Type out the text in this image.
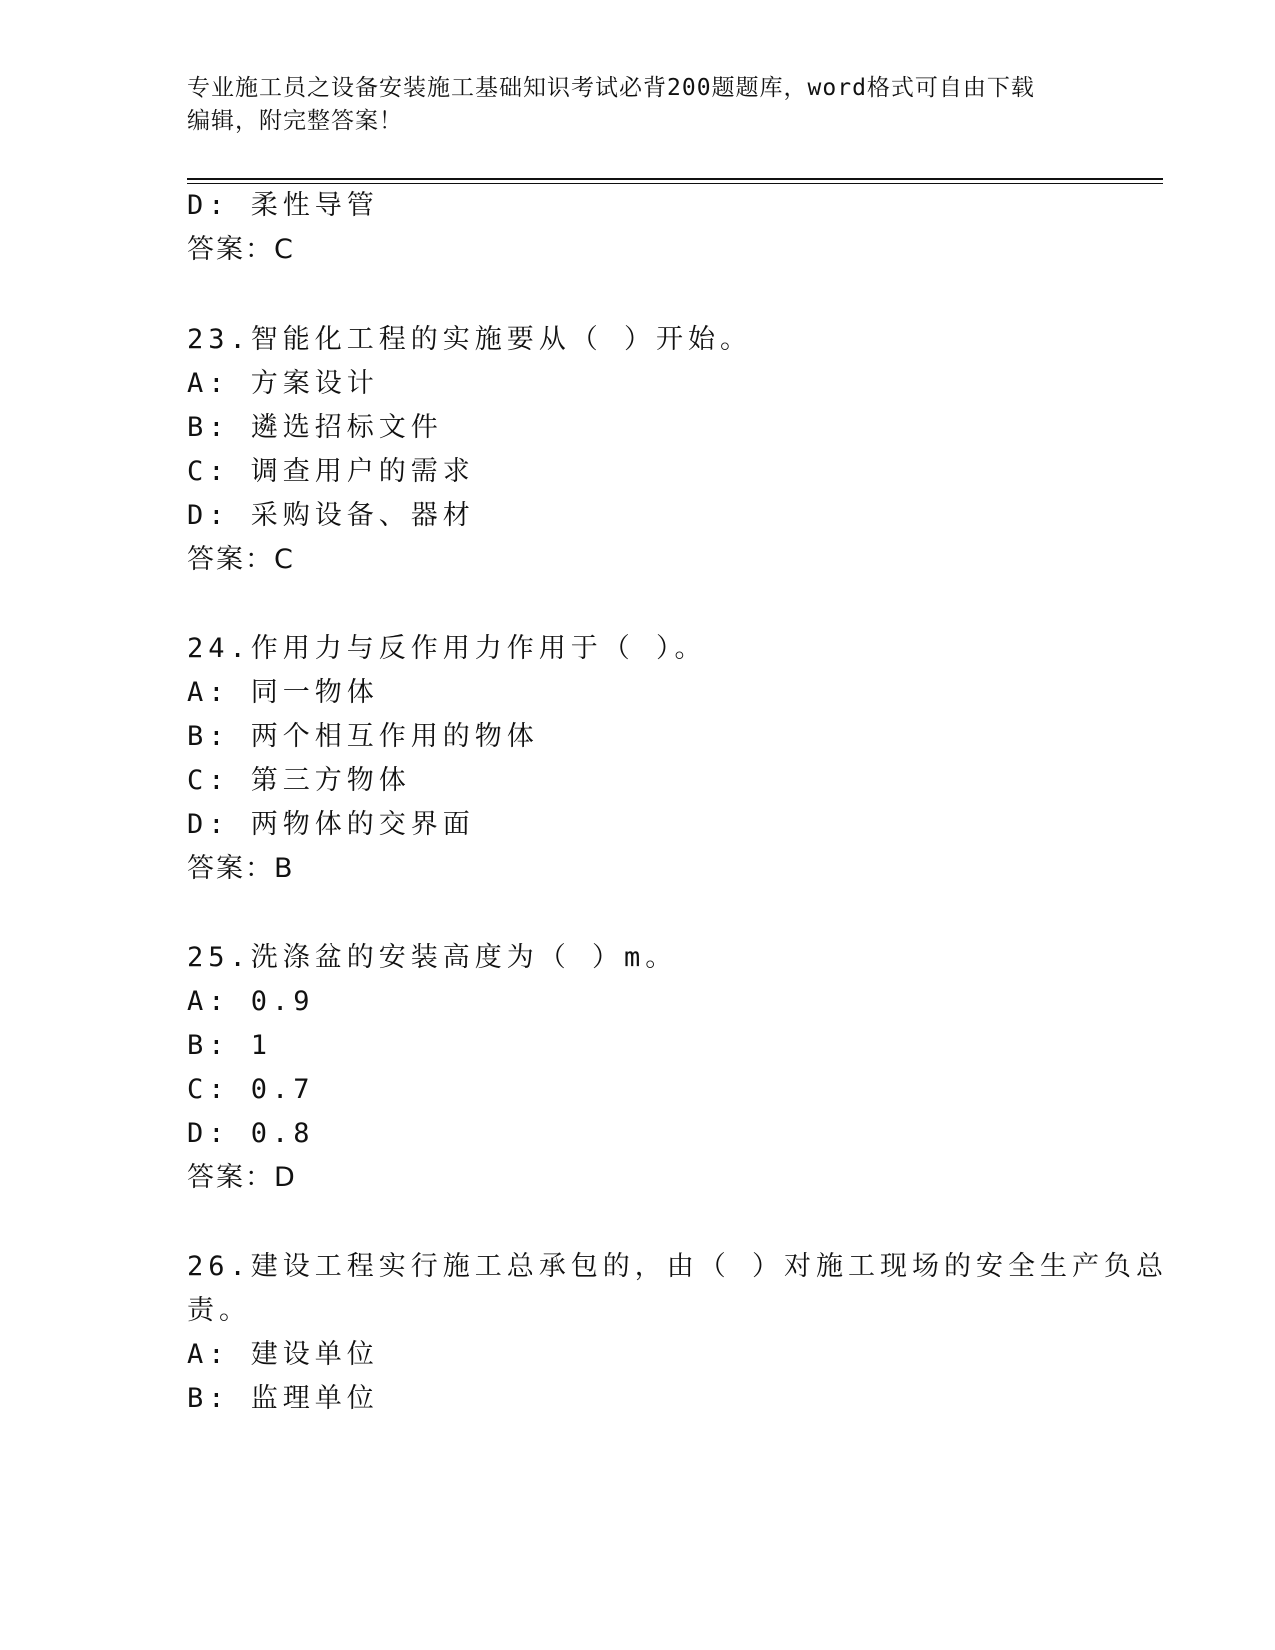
专业施工员之设备安装施工基础知识考试必背200题题库，word格式可自由下载
编辑，附完整答案！
D: 柔性导管
答案：C
23.智能化工程的实施要从（ ）开始。
A: 方案设计
B: 遴选招标文件
C: 调查用户的需求
D: 采购设备、器材
答案：C
24.作用力与反作用力作用于（ ）。
A: 同一物体
B: 两个相互作用的物体
C: 第三方物体
D: 两物体的交界面
答案：B
25.洗涤盆的安装高度为（ ）m。
A: 0.9
B: 1
C: 0.7
D: 0.8
答案：D
26.建设工程实行施工总承包的，由（ ）对施工现场的安全生产负总
责。
A: 建设单位
B: 监理单位
